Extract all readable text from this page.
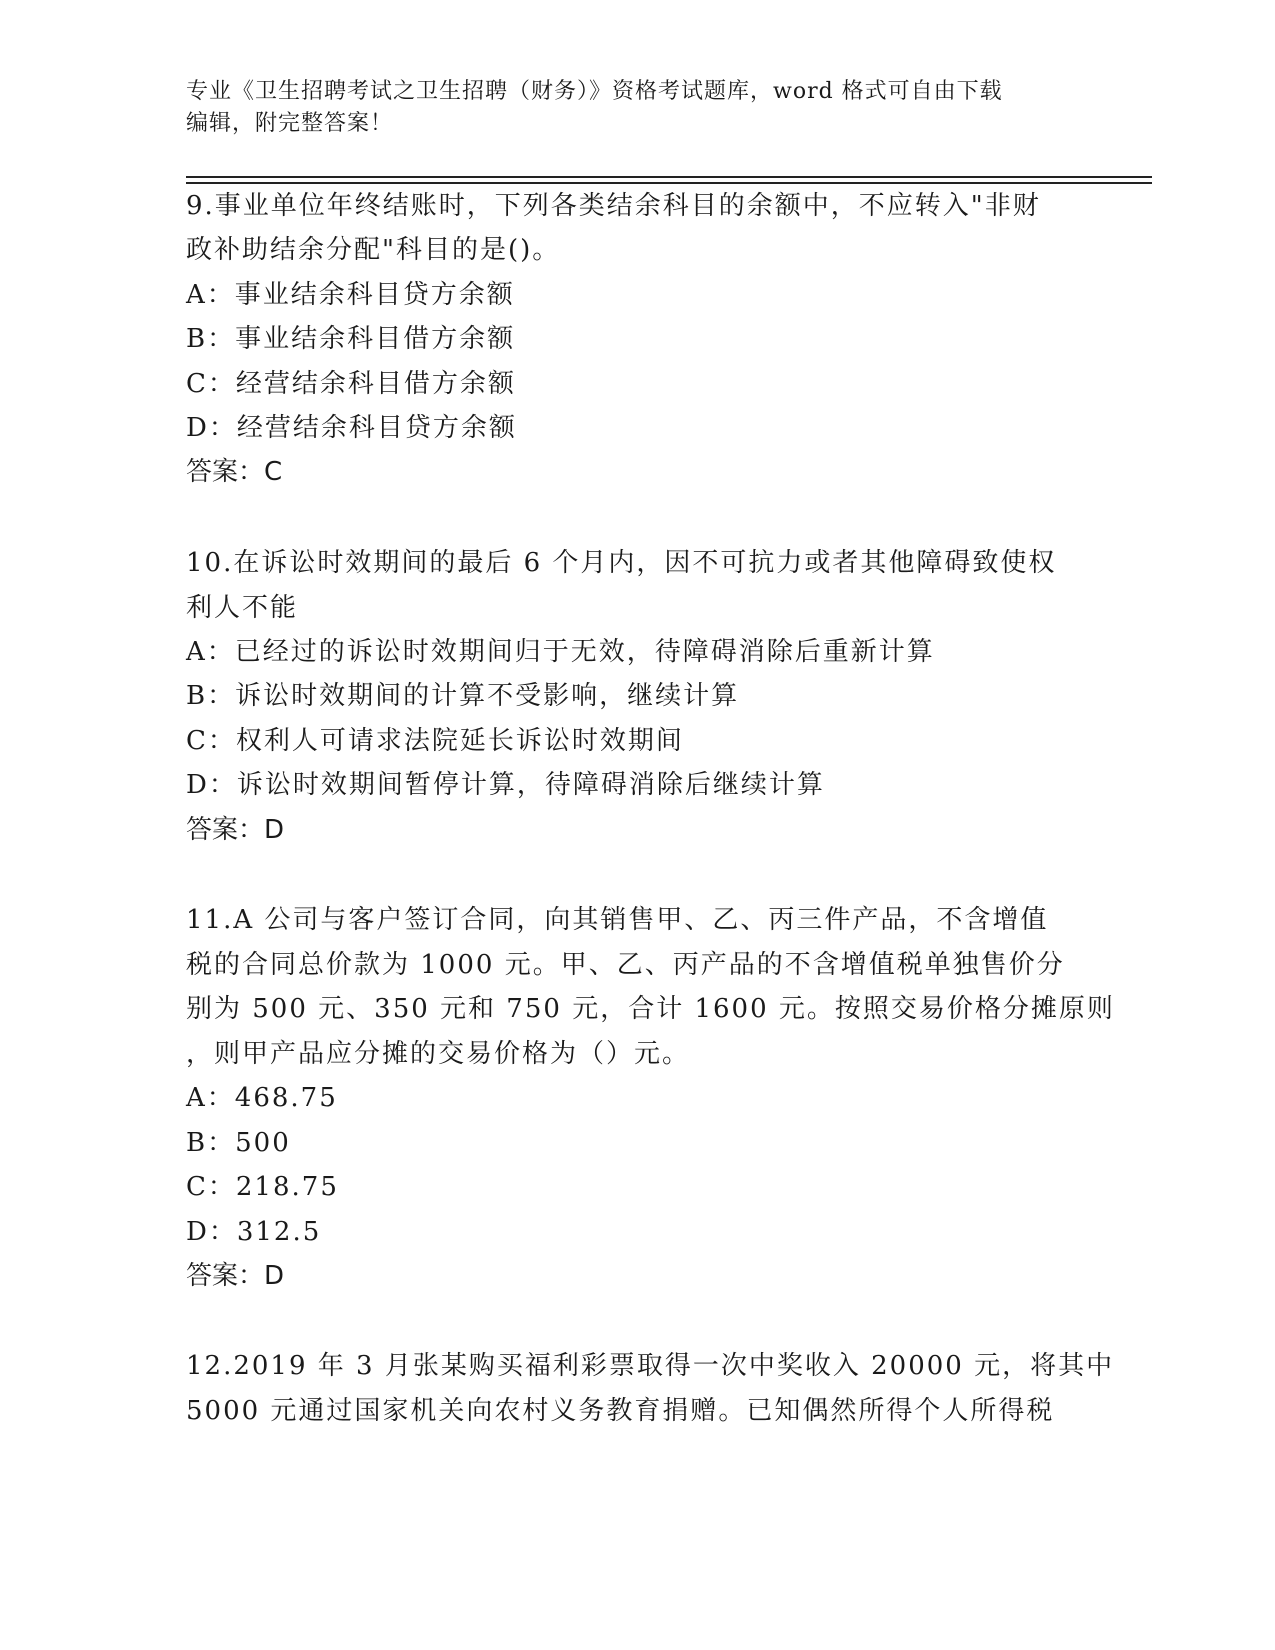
专业《卫生招聘考试之卫生招聘（财务）》资格考试题库，word 格式可自由下载
编辑，附完整答案！
9.事业单位年终结账时，下列各类结余科目的余额中，不应转入"非财
政补助结余分配"科目的是()。
A：事业结余科目贷方余额
B：事业结余科目借方余额
C：经营结余科目借方余额
D：经营结余科目贷方余额
答案：C
10.在诉讼时效期间的最后 6 个月内，因不可抗力或者其他障碍致使权
利人不能
A：已经过的诉讼时效期间归于无效，待障碍消除后重新计算
B：诉讼时效期间的计算不受影响，继续计算
C：权利人可请求法院延长诉讼时效期间
D：诉讼时效期间暂停计算，待障碍消除后继续计算
答案：D
11.A 公司与客户签订合同，向其销售甲、乙、丙三件产品，不含增值
税的合同总价款为 1000 元。甲、乙、丙产品的不含增值税单独售价分
别为 500 元、350 元和 750 元，合计 1600 元。按照交易价格分摊原则
，则甲产品应分摊的交易价格为（）元。
A：468.75
B：500
C：218.75
D：312.5
答案：D
12.2019 年 3 月张某购买福利彩票取得一次中奖收入 20000 元，将其中
5000 元通过国家机关向农村义务教育捐赠。已知偶然所得个人所得税
